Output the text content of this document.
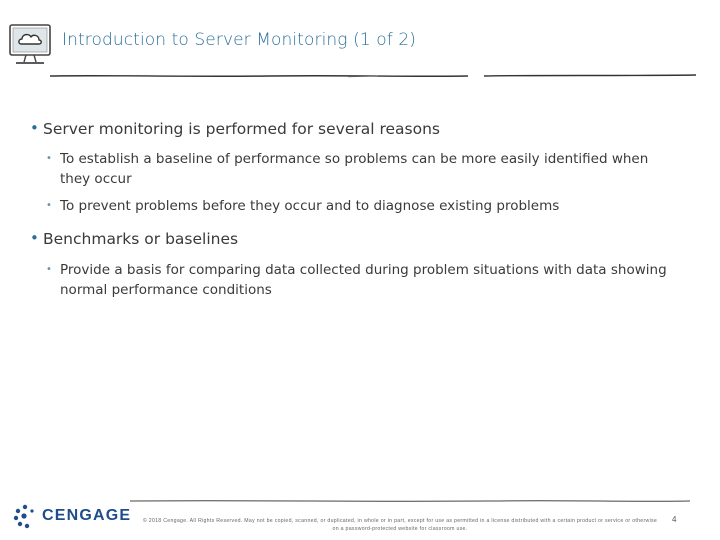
Introduction to Server Monitoring (1 of 2)
• Server monitoring is performed for several reasons
• To establish a baseline of performance so problems can be more easily identified when they occur
• To prevent problems before they occur and to diagnose existing problems
• Benchmarks or baselines
• Provide a basis for comparing data collected during problem situations with data showing normal performance conditions
CENGAGE	© 2018 Cengage. All Rights Reserved. May not be copied, scanned, or duplicated, in whole or in part, except for use as permitted in a license distributed with a certain product or service or otherwise on a password-protected website for classroom use.
4
